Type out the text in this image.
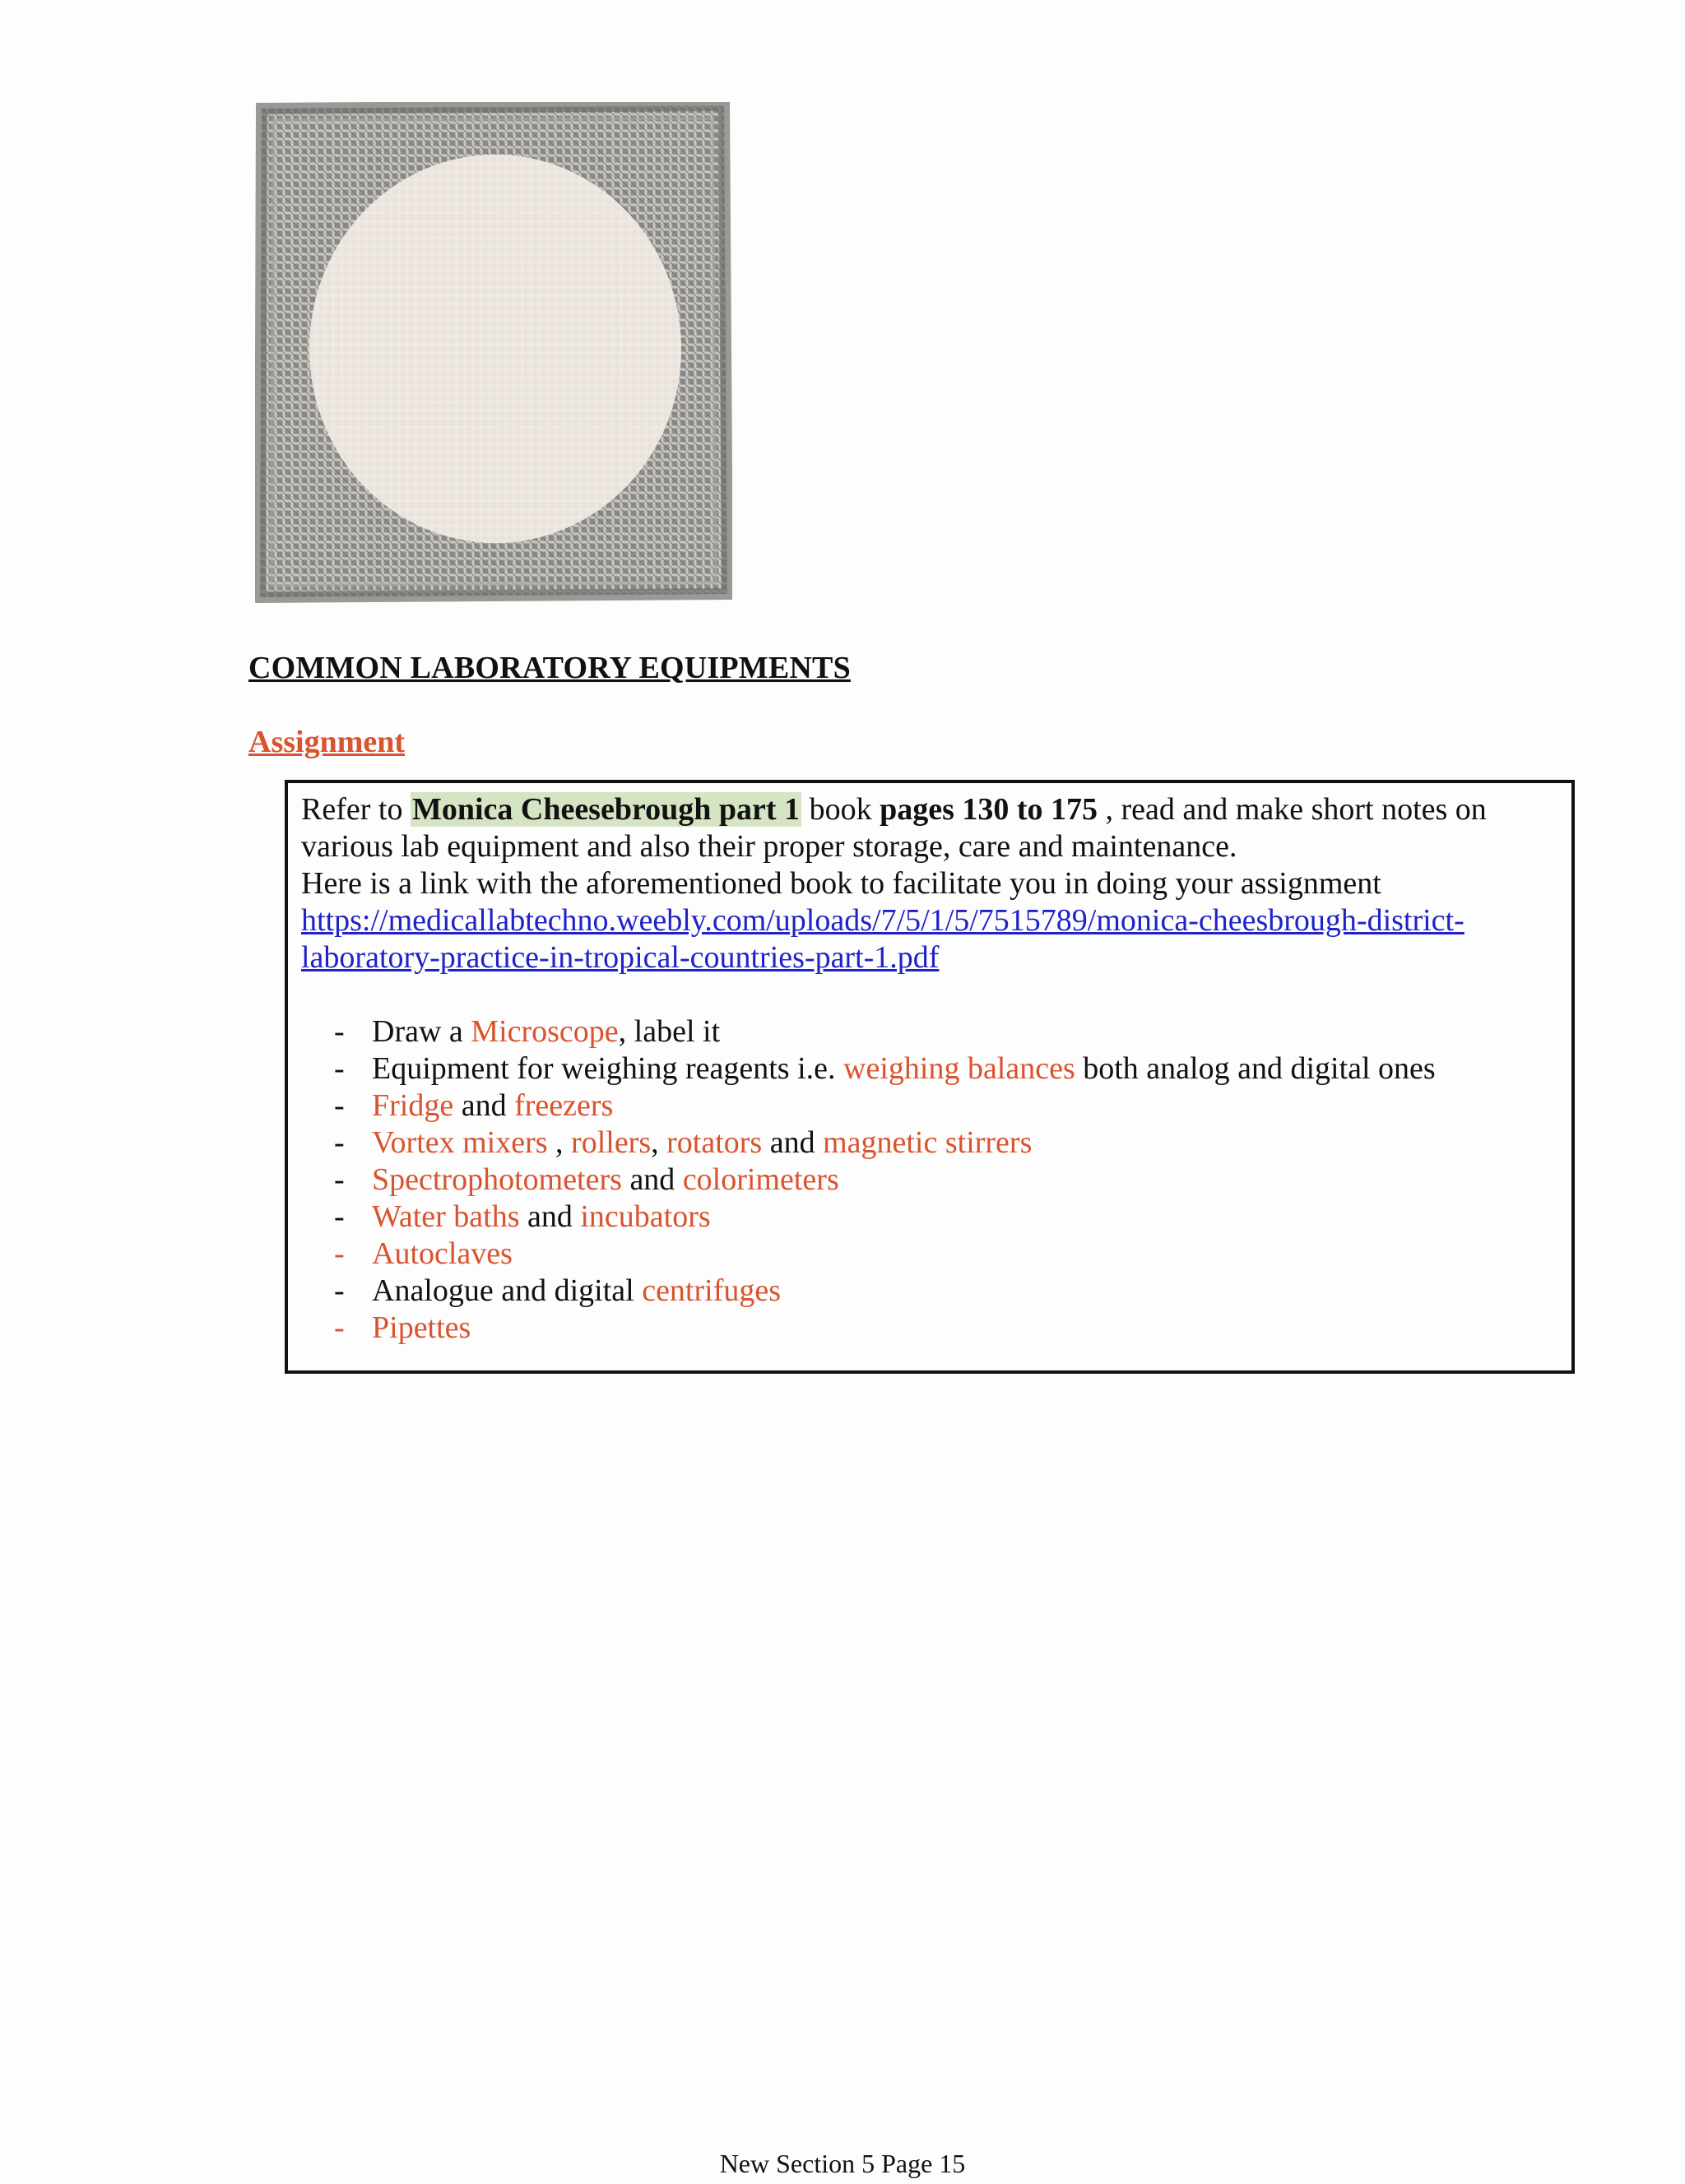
COMMON LABORATORY EQUIPMENTS
Assignment
Refer to Monica Cheesebrough part 1 book pages 130 to 175 , read and make short notes on
various lab equipment and also their proper storage, care and maintenance.
Here is a link with the aforementioned book to facilitate you in doing your assignment
https://medicallabtechno.weebly.com/uploads/7/5/1/5/7515789/monica-cheesbrough-district-
laboratory-practice-in-tropical-countries-part-1.pdf
- Draw a Microscope, label it
- Equipment for weighing reagents i.e. weighing balances both analog and digital ones
- Fridge and freezers
- Vortex mixers , rollers, rotators and magnetic stirrers
- Spectrophotometers and colorimeters
- Water baths and incubators
- Autoclaves
- Analogue and digital centrifuges
- Pipettes
New Section 5 Page 15
